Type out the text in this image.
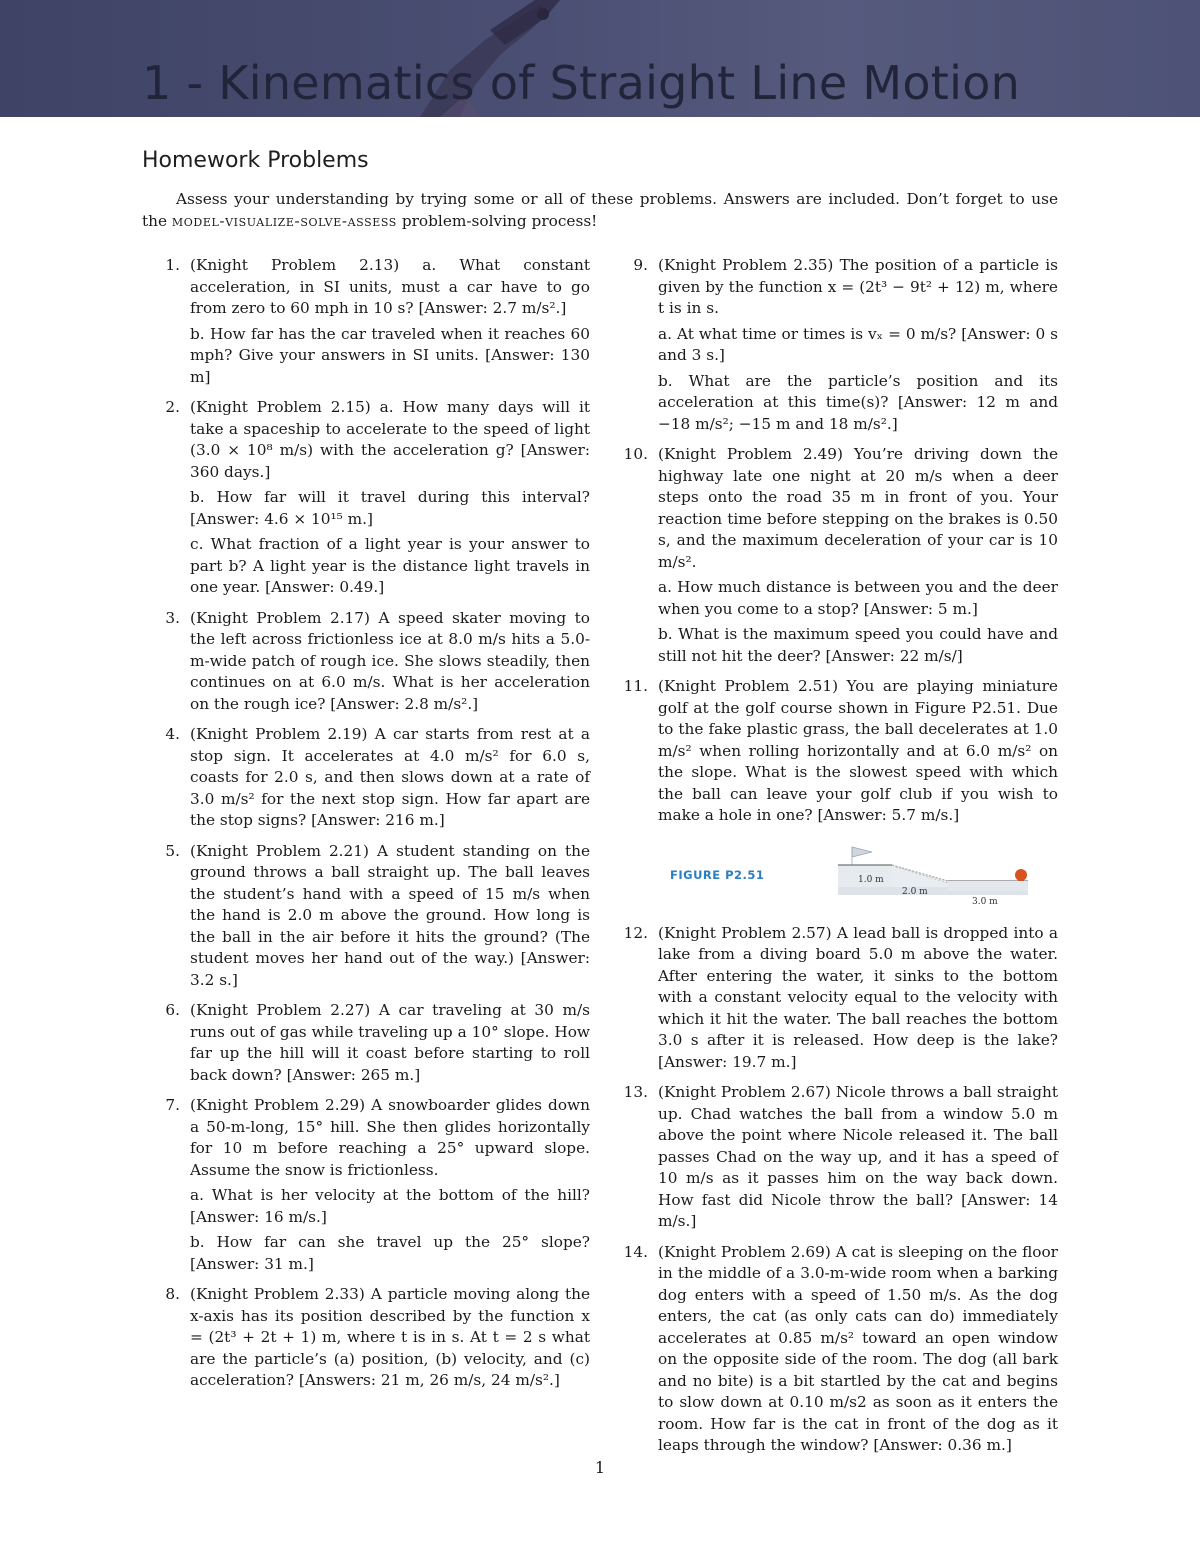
1 - Kinematics of Straight Line Motion
Homework Problems

Assess your understanding by trying some or all of these problems. Answers are included. Don’t forget to use the model-visualize-solve-assess problem-solving process!

1. (Knight Problem 2.13) a. What constant acceleration, in SI units, must a car have to go from zero to 60 mph in 10 s? [Answer: 2.7 m/s².]

b. How far has the car traveled when it reaches 60 mph? Give your answers in SI units. [Answer: 130 m]

2. (Knight Problem 2.15) a. How many days will it take a spaceship to accelerate to the speed of light (3.0 × 10⁸ m/s) with the acceleration g? [Answer: 360 days.]

b. How far will it travel during this interval? [Answer: 4.6 × 10¹⁵ m.]

c. What fraction of a light year is your answer to part b? A light year is the distance light travels in one year. [Answer: 0.49.]

3. (Knight Problem 2.17) A speed skater moving to the left across frictionless ice at 8.0 m/s hits a 5.0-m-wide patch of rough ice. She slows steadily, then continues on at 6.0 m/s. What is her acceleration on the rough ice? [Answer: 2.8 m/s².]

4. (Knight Problem 2.19) A car starts from rest at a stop sign. It accelerates at 4.0 m/s² for 6.0 s, coasts for 2.0 s, and then slows down at a rate of 3.0 m/s² for the next stop sign. How far apart are the stop signs? [Answer: 216 m.]

5. (Knight Problem 2.21) A student standing on the ground throws a ball straight up. The ball leaves the student’s hand with a speed of 15 m/s when the hand is 2.0 m above the ground. How long is the ball in the air before it hits the ground? (The student moves her hand out of the way.) [Answer: 3.2 s.]

6. (Knight Problem 2.27) A car traveling at 30 m/s runs out of gas while traveling up a 10° slope. How far up the hill will it coast before starting to roll back down? [Answer: 265 m.]

7. (Knight Problem 2.29) A snowboarder glides down a 50-m-long, 15° hill. She then glides horizontally for 10 m before reaching a 25° upward slope. Assume the snow is frictionless.

a. What is her velocity at the bottom of the hill? [Answer: 16 m/s.]

b. How far can she travel up the 25° slope? [Answer: 31 m.]

8. (Knight Problem 2.33) A particle moving along the x-axis has its position described by the function x = (2t³ + 2t + 1) m, where t is in s. At t = 2 s what are the particle’s (a) position, (b) velocity, and (c) acceleration? [Answers: 21 m, 26 m/s, 24 m/s².]

9. (Knight Problem 2.35) The position of a particle is given by the function x = (2t³ − 9t² + 12) m, where t is in s.

a. At what time or times is vₓ = 0 m/s? [Answer: 0 s and 3 s.]

b. What are the particle’s position and its acceleration at this time(s)? [Answer: 12 m and −18 m/s²; −15 m and 18 m/s².]

10. (Knight Problem 2.49) You’re driving down the highway late one night at 20 m/s when a deer steps onto the road 35 m in front of you. Your reaction time before stepping on the brakes is 0.50 s, and the maximum deceleration of your car is 10 m/s².

a. How much distance is between you and the deer when you come to a stop? [Answer: 5 m.]

b. What is the maximum speed you could have and still not hit the deer? [Answer: 22 m/s/]

11. (Knight Problem 2.51) You are playing miniature golf at the golf course shown in Figure P2.51. Due to the fake plastic grass, the ball decelerates at 1.0 m/s² when rolling horizontally and at 6.0 m/s² on the slope. What is the slowest speed with which the ball can leave your golf club if you wish to make a hole in one? [Answer: 5.7 m/s.]

FIGURE P2.51	1.0 m
2.0 m
3.0 m
12. (Knight Problem 2.57) A lead ball is dropped into a lake from a diving board 5.0 m above the water. After entering the water, it sinks to the bottom with a constant velocity equal to the velocity with which it hit the water. The ball reaches the bottom 3.0 s after it is released. How deep is the lake? [Answer: 19.7 m.]

13. (Knight Problem 2.67) Nicole throws a ball straight up. Chad watches the ball from a window 5.0 m above the point where Nicole released it. The ball passes Chad on the way up, and it has a speed of 10 m/s as it passes him on the way back down. How fast did Nicole throw the ball? [Answer: 14 m/s.]

14. (Knight Problem 2.69) A cat is sleeping on the floor in the middle of a 3.0-m-wide room when a barking dog enters with a speed of 1.50 m/s. As the dog enters, the cat (as only cats can do) immediately accelerates at 0.85 m/s² toward an open window on the opposite side of the room. The dog (all bark and no bite) is a bit startled by the cat and begins to slow down at 0.10 m/s2 as soon as it enters the room. How far is the cat in front of the dog as it leaps through the window? [Answer: 0.36 m.]

1
